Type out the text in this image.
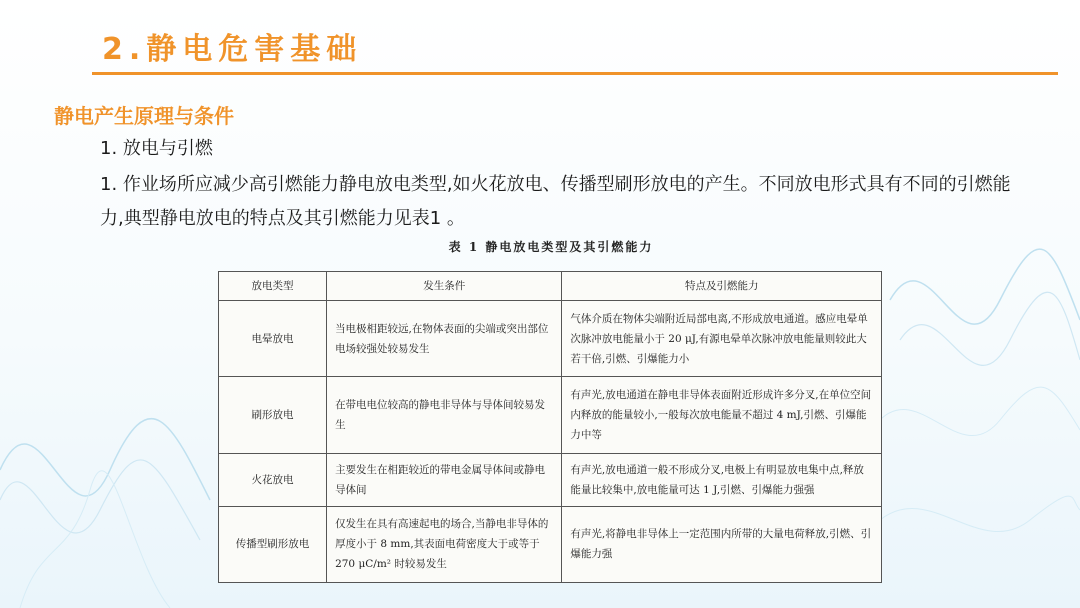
2.静电危害基础
静电产生原理与条件
1. 放电与引燃
1. 作业场所应减少高引燃能力静电放电类型,如火花放电、传播型刷形放电的产生。不同放电形式具有不同的引燃能力,典型静电放电的特点及其引燃能力见表1 。
表 1 静电放电类型及其引燃能力
放电类型	发生条件	特点及引燃能力
电晕放电	当电极相距较远,在物体表面的尖端或突出部位电场较强处较易发生	气体介质在物体尖端附近局部电离,不形成放电通道。感应电晕单次脉冲放电能量小于 20 μJ,有源电晕单次脉冲放电能量则较此大若干倍,引燃、引爆能力小
刷形放电	在带电电位较高的静电非导体与导体间较易发生	有声光,放电通道在静电非导体表面附近形成许多分叉,在单位空间内释放的能量较小,一般每次放电能量不超过 4 mJ,引燃、引爆能力中等
火花放电	主要发生在相距较近的带电金属导体间或静电导体间	有声光,放电通道一般不形成分叉,电极上有明显放电集中点,释放能量比较集中,放电能量可达 1 J,引燃、引爆能力强强
传播型刷形放电	仅发生在具有高速起电的场合,当静电非导体的厚度小于 8 mm,其表面电荷密度大于或等于 270 μC/m² 时较易发生	有声光,将静电非导体上一定范围内所带的大量电荷释放,引燃、引爆能力强
